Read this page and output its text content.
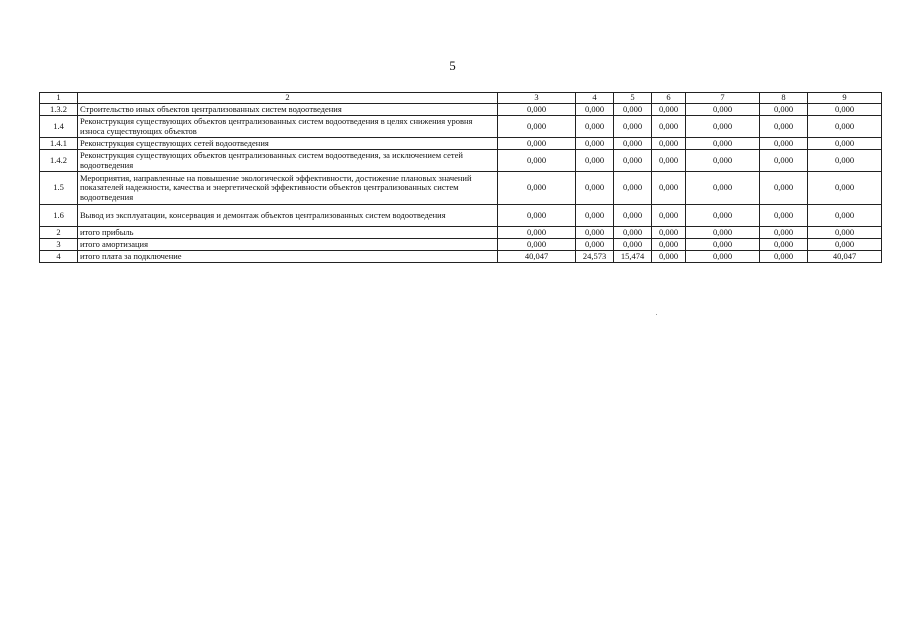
5
1	2	3	4	5	6	7	8	9
1.3.2	Строительство иных объектов централизованных систем водоотведения	0,000	0,000	0,000	0,000	0,000	0,000	0,000
1.4	Реконструкция существующих объектов централизованных систем водоотведения в целях снижения уровня износа существующих объектов	0,000	0,000	0,000	0,000	0,000	0,000	0,000
1.4.1	Реконструкция существующих сетей водоотведения	0,000	0,000	0,000	0,000	0,000	0,000	0,000
1.4.2	Реконструкция существующих объектов централизованных систем водоотведения, за исключением сетей водоотведения	0,000	0,000	0,000	0,000	0,000	0,000	0,000
1.5	Мероприятия, направленные на повышение экологической эффективности, достижение плановых значений показателей надежности, качества и энергетической эффективности объектов централизованных систем водоотведения	0,000	0,000	0,000	0,000	0,000	0,000	0,000
1.6	Вывод из эксплуатации, консервация и демонтаж объектов централизованных систем водоотведения	0,000	0,000	0,000	0,000	0,000	0,000	0,000
2	итого прибыль	0,000	0,000	0,000	0,000	0,000	0,000	0,000
3	итого амортизация	0,000	0,000	0,000	0,000	0,000	0,000	0,000
4	итого плата за подключение	40,047	24,573	15,474	0,000	0,000	0,000	40,047
